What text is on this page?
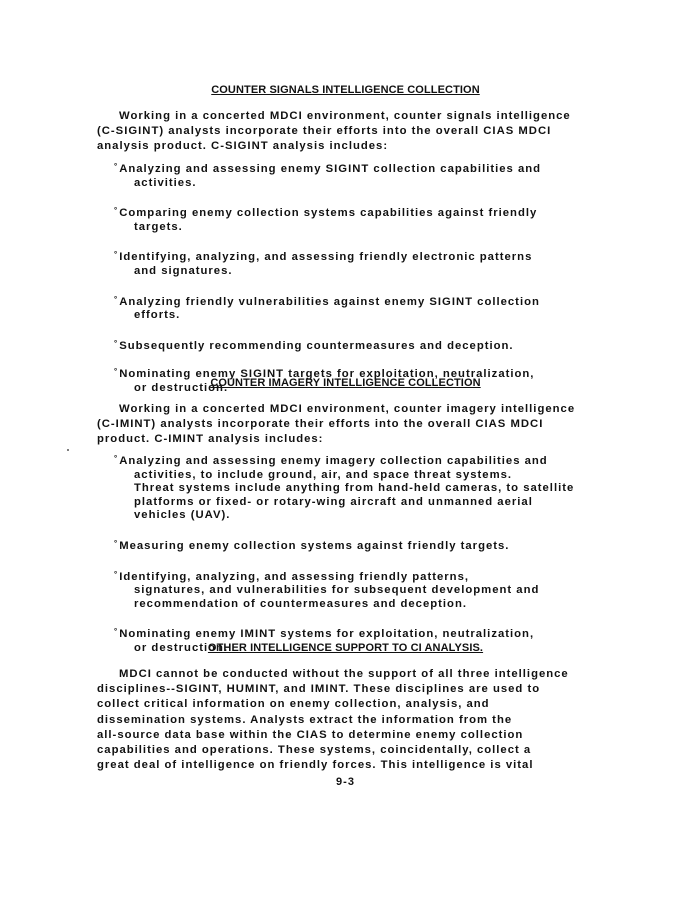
COUNTER SIGNALS INTELLIGENCE COLLECTION

Working in a concerted MDCI environment, counter signals intelligence

(C-SIGINT) analysts incorporate their efforts into the overall CIAS MDCI

analysis product. C-SIGINT analysis includes:

° Analyzing and assessing enemy SIGINT collection capabilities and
activities.
° Comparing enemy collection systems capabilities against friendly
targets.
° Identifying, analyzing, and assessing friendly electronic patterns
and signatures.
° Analyzing friendly vulnerabilities against enemy SIGINT collection
efforts.
° Subsequently recommending countermeasures and deception.
° Nominating enemy SIGINT targets for exploitation, neutralization,
or destruction.

COUNTER IMAGERY INTELLIGENCE COLLECTION

Working in a concerted MDCI environment, counter imagery intelligence

(C-IMINT) analysts incorporate their efforts into the overall CIAS MDCI

product. C-IMINT analysis includes:

° Analyzing and assessing enemy imagery collection capabilities and
activities, to include ground, air, and space threat systems.
Threat systems include anything from hand-held cameras, to satellite
platforms or fixed- or rotary-wing aircraft and unmanned aerial
vehicles (UAV).
° Measuring enemy collection systems against friendly targets.
° Identifying, analyzing, and assessing friendly patterns,
signatures, and vulnerabilities for subsequent development and
recommendation of countermeasures and deception.
° Nominating enemy IMINT systems for exploitation, neutralization,
or destruction.

OTHER INTELLIGENCE SUPPORT TO CI ANALYSIS.

MDCI cannot be conducted without the support of all three intelligence

disciplines--SIGINT, HUMINT, and IMINT. These disciplines are used to

collect critical information on enemy collection, analysis, and

dissemination systems. Analysts extract the information from the

all-source data base within the CIAS to determine enemy collection

capabilities and operations. These systems, coincidentally, collect a

great deal of intelligence on friendly forces. This intelligence is vital

9-3
